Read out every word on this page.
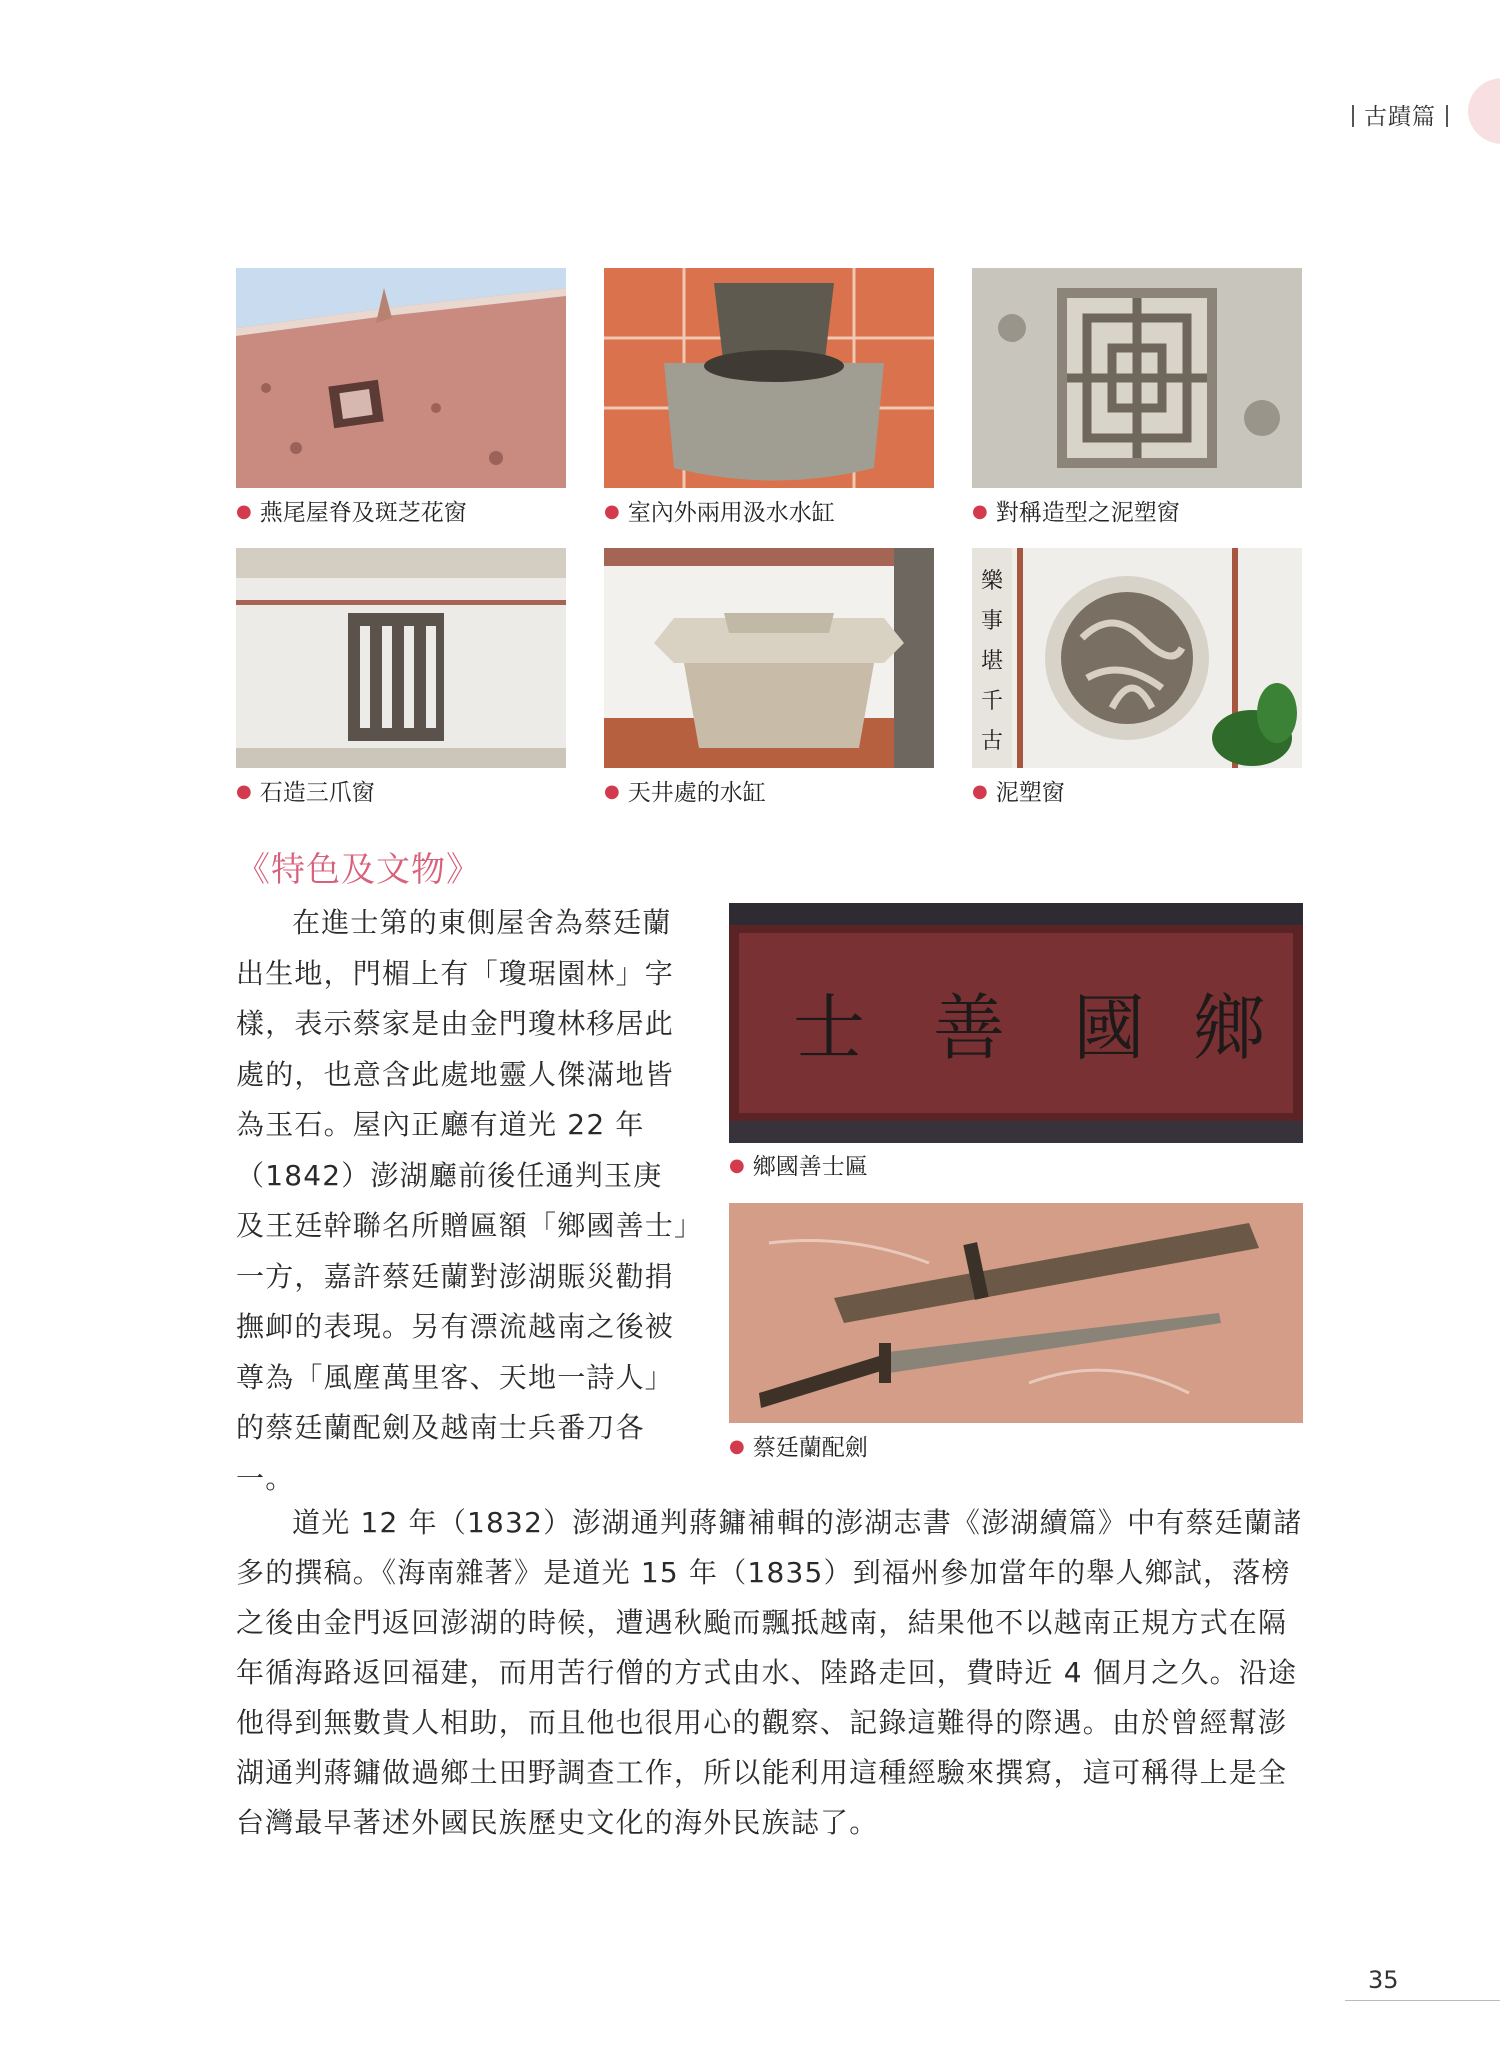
古蹟篇
● 燕尾屋脊及斑芝花窗	● 室內外兩用汲水水缸	● 對稱造型之泥塑窗
● 石造三爪窗	● 天井處的水缸
樂
事
堪
千
古
● 泥塑窗
《特色及文物》

在進士第的東側屋舍為蔡廷蘭出生地，門楣上有「瓊琚園林」字樣，表示蔡家是由金門瓊林移居此處的，也意含此處地靈人傑滿地皆為玉石。屋內正廳有道光 22 年（1842）澎湖廳前後任通判玉庚及王廷幹聯名所贈匾額「鄉國善士」一方，嘉許蔡廷蘭對澎湖賑災勸捐撫卹的表現。另有漂流越南之後被尊為「風塵萬里客、天地一詩人」的蔡廷蘭配劍及越南士兵番刀各一。

士 善 國 鄉
● 鄉國善士匾
● 蔡廷蘭配劍

道光 12 年（1832）澎湖通判蔣鏞補輯的澎湖志書《澎湖續篇》中有蔡廷蘭諸多的撰稿。《海南雜著》是道光 15 年（1835）到福州參加當年的舉人鄉試，落榜之後由金門返回澎湖的時候，遭遇秋颱而飄抵越南，結果他不以越南正規方式在隔年循海路返回福建，而用苦行僧的方式由水、陸路走回，費時近 4 個月之久。沿途他得到無數貴人相助，而且他也很用心的觀察、記錄這難得的際遇。由於曾經幫澎湖通判蔣鏞做過鄉土田野調查工作，所以能利用這種經驗來撰寫，這可稱得上是全台灣最早著述外國民族歷史文化的海外民族誌了。

35
